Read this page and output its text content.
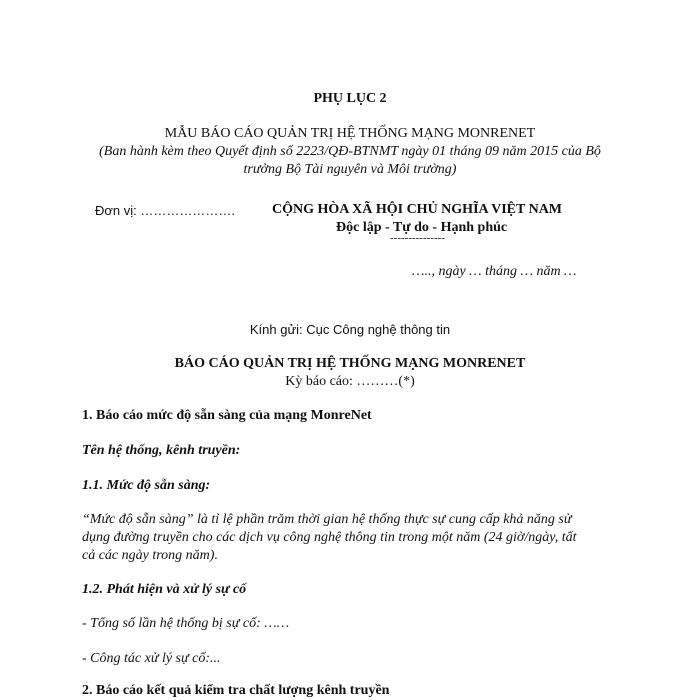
PHỤ LỤC 2
MẪU BÁO CÁO QUẢN TRỊ HỆ THỐNG MẠNG MONRENET
(Ban hành kèm theo Quyết định số 2223/QĐ-BTNMT ngày 01 tháng 09 năm 2015 của Bộ
trưởng Bộ Tài nguyên và Môi trường)
Đơn vị: ………………….	CỘNG HÒA XÃ HỘI CHỦ NGHĨA VIỆT NAM
Độc lập - Tự do - Hạnh phúc
---------------
….., ngày … tháng … năm …
Kính gửi: Cục Công nghệ thông tin
BÁO CÁO QUẢN TRỊ HỆ THỐNG MẠNG MONRENET
Kỳ báo cáo: ………(*)
1. Báo cáo mức độ sẵn sàng của mạng MonreNet
Tên hệ thống, kênh truyền:
1.1. Mức độ sẵn sàng:
“Mức độ sẵn sàng” là tỉ lệ phần trăm thời gian hệ thống thực sự cung cấp khả năng sử
dụng đường truyền cho các dịch vụ công nghệ thông tin trong một năm (24 giờ/ngày, tất
cả các ngày trong năm).
1.2. Phát hiện và xử lý sự cố
- Tổng số lần hệ thống bị sự cố: ……
- Công tác xử lý sự cố:...
2. Báo cáo kết quả kiểm tra chất lượng kênh truyền
